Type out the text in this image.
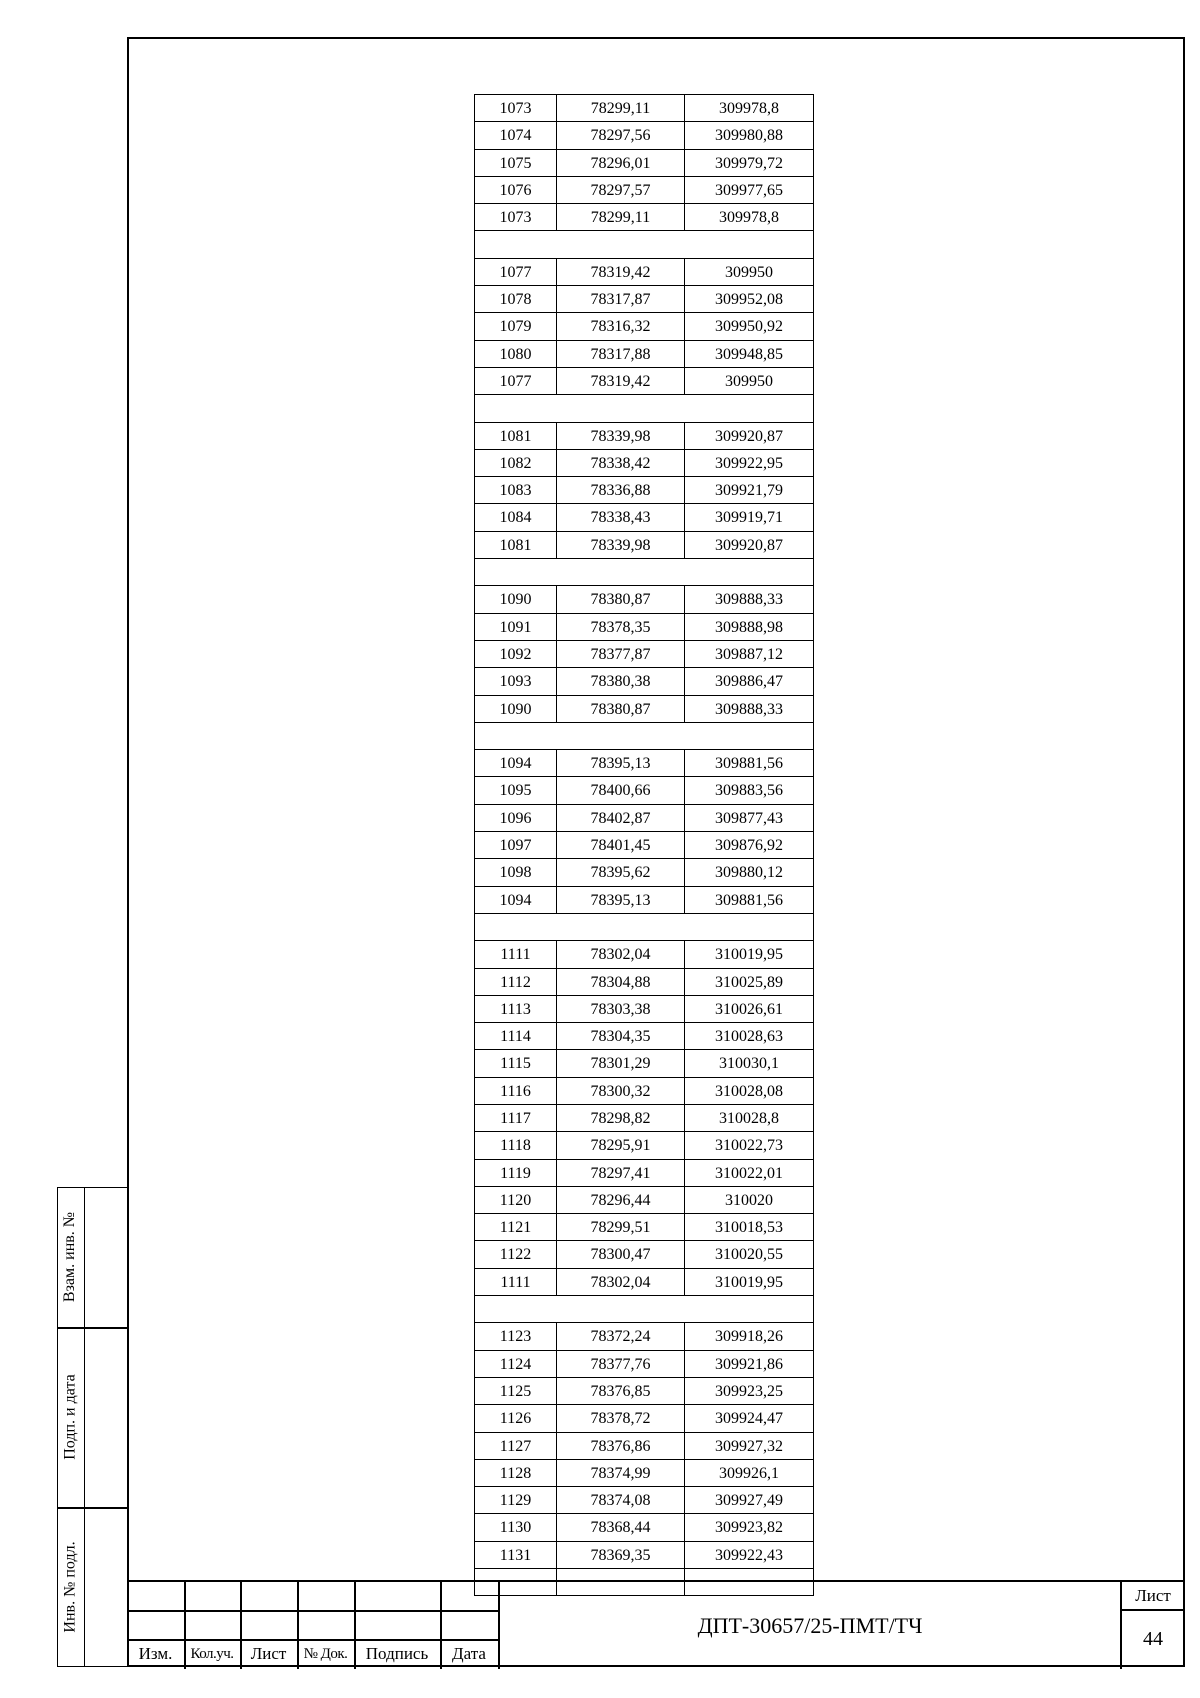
1073	78299,11	309978,8
1074	78297,56	309980,88
1075	78296,01	309979,72
1076	78297,57	309977,65
1073	78299,11	309978,8
1077	78319,42	309950
1078	78317,87	309952,08
1079	78316,32	309950,92
1080	78317,88	309948,85
1077	78319,42	309950
1081	78339,98	309920,87
1082	78338,42	309922,95
1083	78336,88	309921,79
1084	78338,43	309919,71
1081	78339,98	309920,87
1090	78380,87	309888,33
1091	78378,35	309888,98
1092	78377,87	309887,12
1093	78380,38	309886,47
1090	78380,87	309888,33
1094	78395,13	309881,56
1095	78400,66	309883,56
1096	78402,87	309877,43
1097	78401,45	309876,92
1098	78395,62	309880,12
1094	78395,13	309881,56
1111	78302,04	310019,95
1112	78304,88	310025,89
1113	78303,38	310026,61
1114	78304,35	310028,63
1115	78301,29	310030,1
1116	78300,32	310028,08
1117	78298,82	310028,8
1118	78295,91	310022,73
1119	78297,41	310022,01
1120	78296,44	310020
1121	78299,51	310018,53
1122	78300,47	310020,55
1111	78302,04	310019,95
1123	78372,24	309918,26
1124	78377,76	309921,86
1125	78376,85	309923,25
1126	78378,72	309924,47
1127	78376,86	309927,32
1128	78374,99	309926,1
1129	78374,08	309927,49
1130	78368,44	309923,82
1131	78369,35	309922,43
Взам. инв. №
Подп. и дата
Инв. № подл.
Изм.	Кол.уч.	Лист	№ Док.	Подпись	Дата
ДПТ-30657/25-ПМТ/ТЧ
Лист
44
